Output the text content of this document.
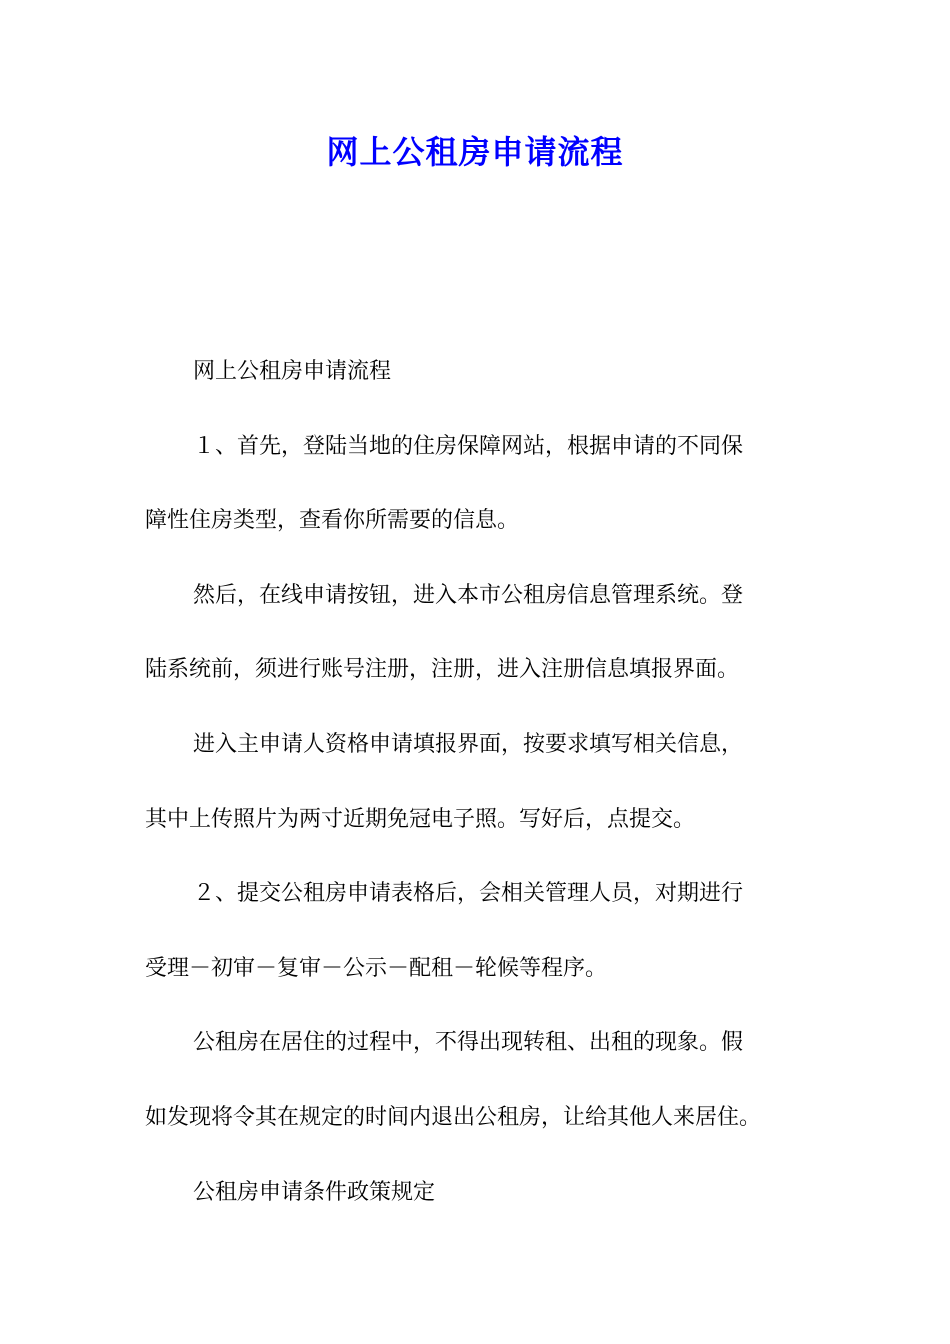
网上公租房申请流程
网上公租房申请流程
１、首先，登陆当地的住房保障网站，根据申请的不同保
障性住房类型，查看你所需要的信息。
然后，在线申请按钮，进入本市公租房信息管理系统。登
陆系统前，须进行账号注册，注册，进入注册信息填报界面。
进入主申请人资格申请填报界面，按要求填写相关信息，
其中上传照片为两寸近期免冠电子照。写好后，点提交。
２、提交公租房申请表格后，会相关管理人员，对期进行
受理－初审－复审－公示－配租－轮候等程序。
公租房在居住的过程中，不得出现转租、出租的现象。假
如发现将令其在规定的时间内退出公租房，让给其他人来居住。
公租房申请条件政策规定
